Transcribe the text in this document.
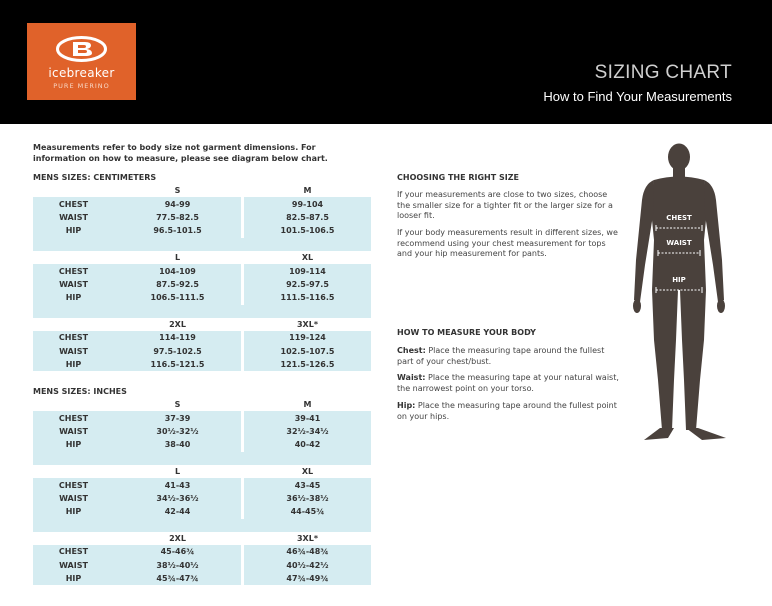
icebreaker
PURE MERINO
SIZING CHART
How to Find Your Measurements
Measurements refer to body size not garment dimensions. For information on how to measure, please see diagram below chart.
MENS SIZES: CENTIMETERS
	S		M
CHEST	94-99		99-104
WAIST	77.5-82.5		82.5-87.5
HIP	96.5-101.5		101.5-106.5

	L		XL
CHEST	104-109		109-114
WAIST	87.5-92.5		92.5-97.5
HIP	106.5-111.5		111.5-116.5

	2XL		3XL*
CHEST	114-119		119-124
WAIST	97.5-102.5		102.5-107.5
HIP	116.5-121.5		121.5-126.5
MENS SIZES: INCHES
	S		M
CHEST	37-39		39-41
WAIST	30½-32½		32½-34½
HIP	38-40		40-42

	L		XL
CHEST	41-43		43-45
WAIST	34½-36½		36½-38½
HIP	42-44		44-45¾

	2XL		3XL*
CHEST	45-46¾		46¾-48¾
WAIST	38½-40½		40½-42½
HIP	45¾-47¾		47¾-49¾
CHOOSING THE RIGHT SIZE
If your measurements are close to two sizes, choose the smaller size for a tighter fit or the larger size for a looser fit.
If your body measurements result in different sizes, we recommend using your chest measurement for tops and your hip measurement for pants.
HOW TO MEASURE YOUR BODY
Chest: Place the measuring tape around the fullest part of your chest/bust.
Waist: Place the measuring tape at your natural waist, the narrowest point on your torso.
Hip: Place the measuring tape around the fullest point on your hips.
CHEST
WAIST
HIP
